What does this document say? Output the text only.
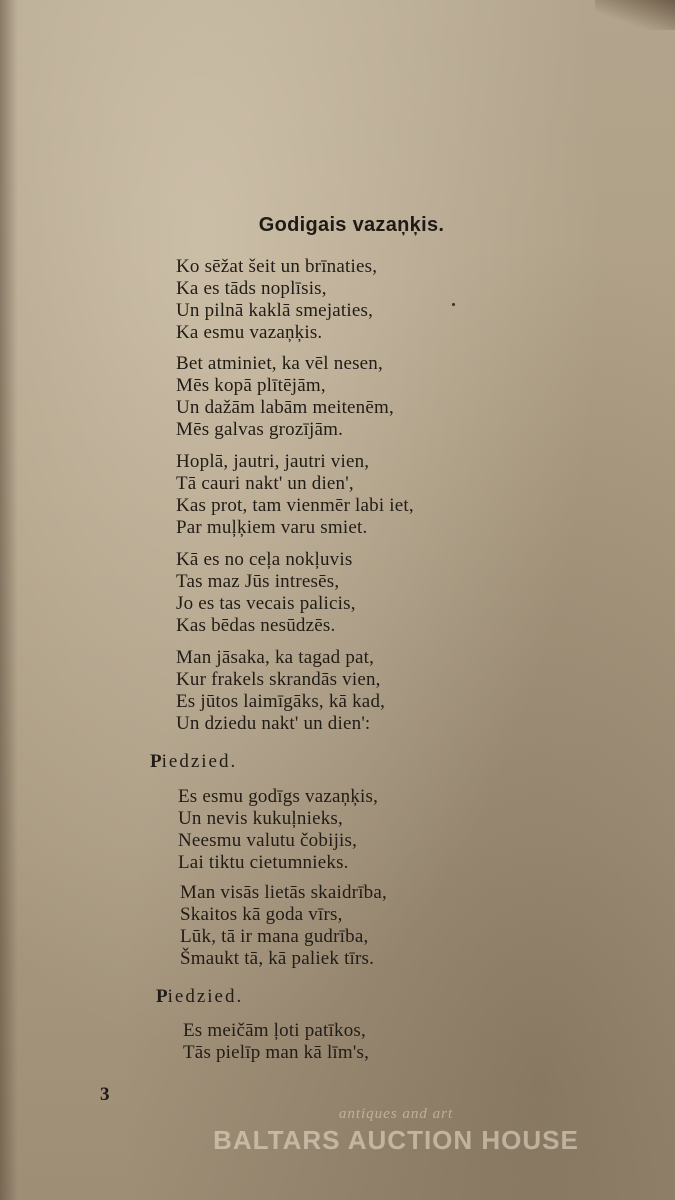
Godigais vazaņķis.
Ko sēžat šeit un brīnaties,
Ka es tāds noplīsis,
Un pilnā kaklā smejaties,
Ka esmu vazaņķis.
Bet atminiet, ka vēl nesen,
Mēs kopā plītējām,
Un dažām labām meitenēm,
Mēs galvas grozījām.
Hoplā, jautri, jautri vien,
Tā cauri nakt' un dien',
Kas prot, tam vienmēr labi iet,
Par muļķiem varu smiet.
Kā es no ceļa nokļuvis
Tas maz Jūs intresēs,
Jo es tas vecais palicis,
Kas bēdas nesūdzēs.
Man jāsaka, ka tagad pat,
Kur frakels skrandās vien,
Es jūtos laimīgāks, kā kad,
Un dziedu nakt' un dien':
Piedzied.
Es esmu godīgs vazaņķis,
Un nevis kukuļnieks,
Neesmu valutu čobijis,
Lai tiktu cietumnieks.
Man visās lietās skaidrība,
Skaitos kā goda vīrs,
Lūk, tā ir mana gudrība,
Šmaukt tā, kā paliek tīrs.
Piedzied.
Es meičām ļoti patīkos,
Tās pielīp man kā līm's,
3
antiques and art
BALTARS AUCTION HOUSE
